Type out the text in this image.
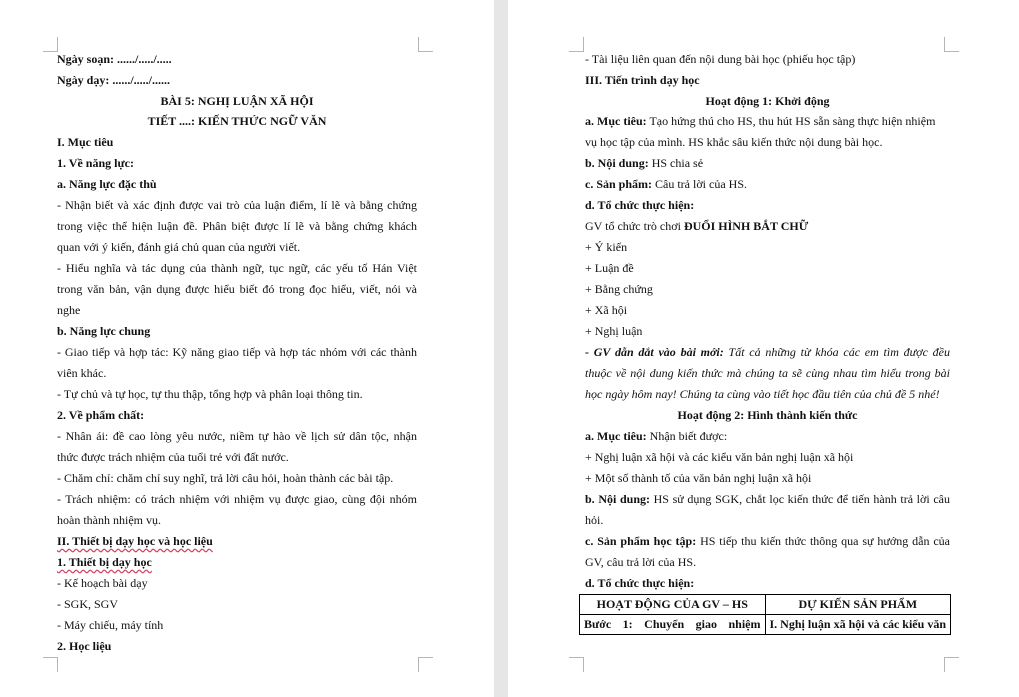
Ngày soạn: ....../...../.....
Ngày dạy: ....../...../......
BÀI 5: NGHỊ LUẬN XÃ HỘI
TIẾT ....: KIẾN THỨC NGỮ VĂN
I. Mục tiêu
1. Về năng lực:
a. Năng lực đặc thù
- Nhận biết và xác định được vai trò của luận điểm, lí lẽ và bằng chứng
trong việc thể hiện luận đề. Phân biệt được lí lẽ và bằng chứng khách
quan với ý kiến, đánh giá chủ quan của người viết.
- Hiểu nghĩa và tác dụng của thành ngữ, tục ngữ, các yếu tố Hán Việt
trong văn bản, vận dụng được hiểu biết đó trong đọc hiểu, viết, nói và
nghe
b. Năng lực chung
- Giao tiếp và hợp tác: Kỹ năng giao tiếp và hợp tác nhóm với các thành
viên khác.
- Tự chủ và tự học, tự thu thập, tổng hợp và phân loại thông tin.
2. Về phẩm chất:
- Nhân ái: đề cao lòng yêu nước, niềm tự hào về lịch sử dân tộc, nhận
thức được trách nhiệm của tuổi trẻ với đất nước.
- Chăm chỉ: chăm chỉ suy nghĩ, trả lời câu hỏi, hoàn thành các bài tập.
- Trách nhiệm: có trách nhiệm với nhiệm vụ được giao, cùng đội nhóm
hoàn thành nhiệm vụ.
II. Thiết bị dạy học và học liệu
1. Thiết bị dạy học
- Kế hoạch bài dạy
- SGK, SGV
- Máy chiếu, máy tính
2. Học liệu
- Tài liệu liên quan đến nội dung bài học (phiếu học tập)
III. Tiến trình dạy học
Hoạt động 1: Khởi động
a. Mục tiêu: Tạo hứng thú cho HS, thu hút HS sẵn sàng thực hiện nhiệm
vụ học tập của mình. HS khắc sâu kiến thức nội dung bài học.
b. Nội dung: HS chia sẻ
c. Sản phẩm: Câu trả lời của HS.
d. Tổ chức thực hiện:
GV tổ chức trò chơi ĐUỔI HÌNH BẮT CHỮ
+ Ý kiến
+ Luận đề
+ Bằng chứng
+ Xã hội
+ Nghị luận
- GV dẫn dắt vào bài mới: Tất cả những từ khóa các em tìm được đều
thuộc về nội dung kiến thức mà chúng ta sẽ cùng nhau tìm hiểu trong bài
học ngày hôm nay! Chúng ta cùng vào tiết học đầu tiên của chủ đề 5 nhé!
Hoạt động 2: Hình thành kiến thức
a. Mục tiêu: Nhận biết được:
+ Nghị luận xã hội và các kiểu văn bản nghị luận xã hội
+ Một số thành tố của văn bản nghị luận xã hội
b. Nội dung: HS sử dụng SGK, chắt lọc kiến thức để tiến hành trả lời câu
hỏi.
c. Sản phẩm học tập: HS tiếp thu kiến thức thông qua sự hướng dẫn của
GV, câu trả lời của HS.
d. Tổ chức thực hiện:
HOẠT ĐỘNG CỦA GV – HS	DỰ KIẾN SẢN PHẨM
Bước 1: Chuyển giao nhiệm	I. Nghị luận xã hội và các kiểu văn
